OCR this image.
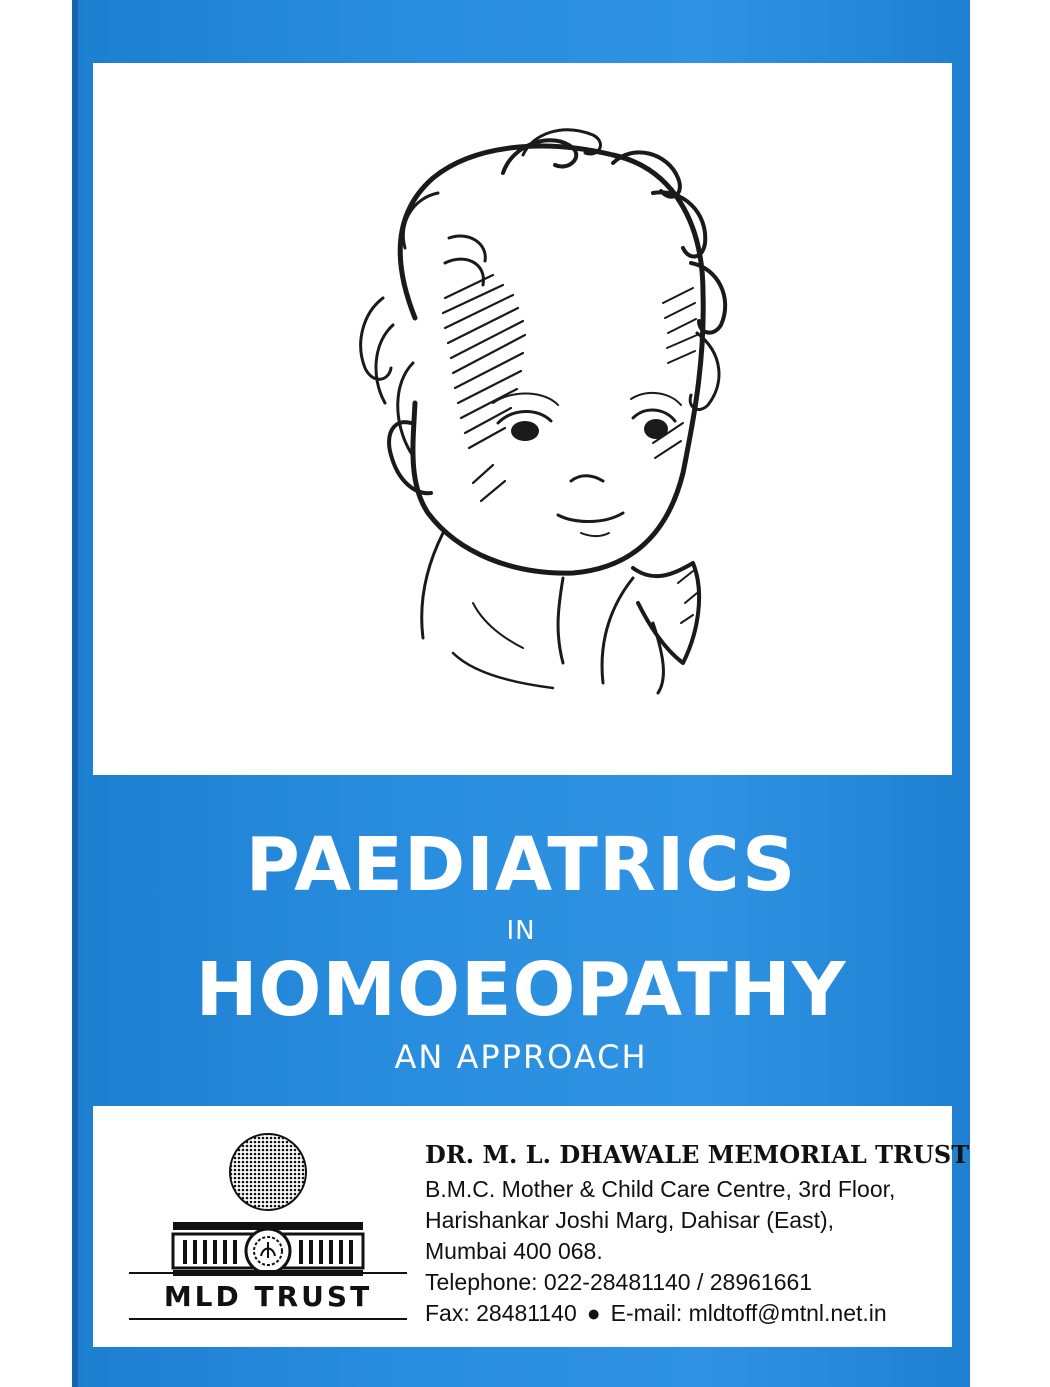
PAEDIATRICS

IN

HOMOEOPATHY

AN APPROACH

MLD TRUST

DR. M. L. DHAWALE MEMORIAL TRUST

B.M.C. Mother & Child Care Centre, 3rd Floor,

Harishankar Joshi Marg, Dahisar (East),

Mumbai 400 068.

Telephone: 022-28481140 / 28961661

Fax: 28481140 ● E-mail: mldtoff@mtnl.net.in
